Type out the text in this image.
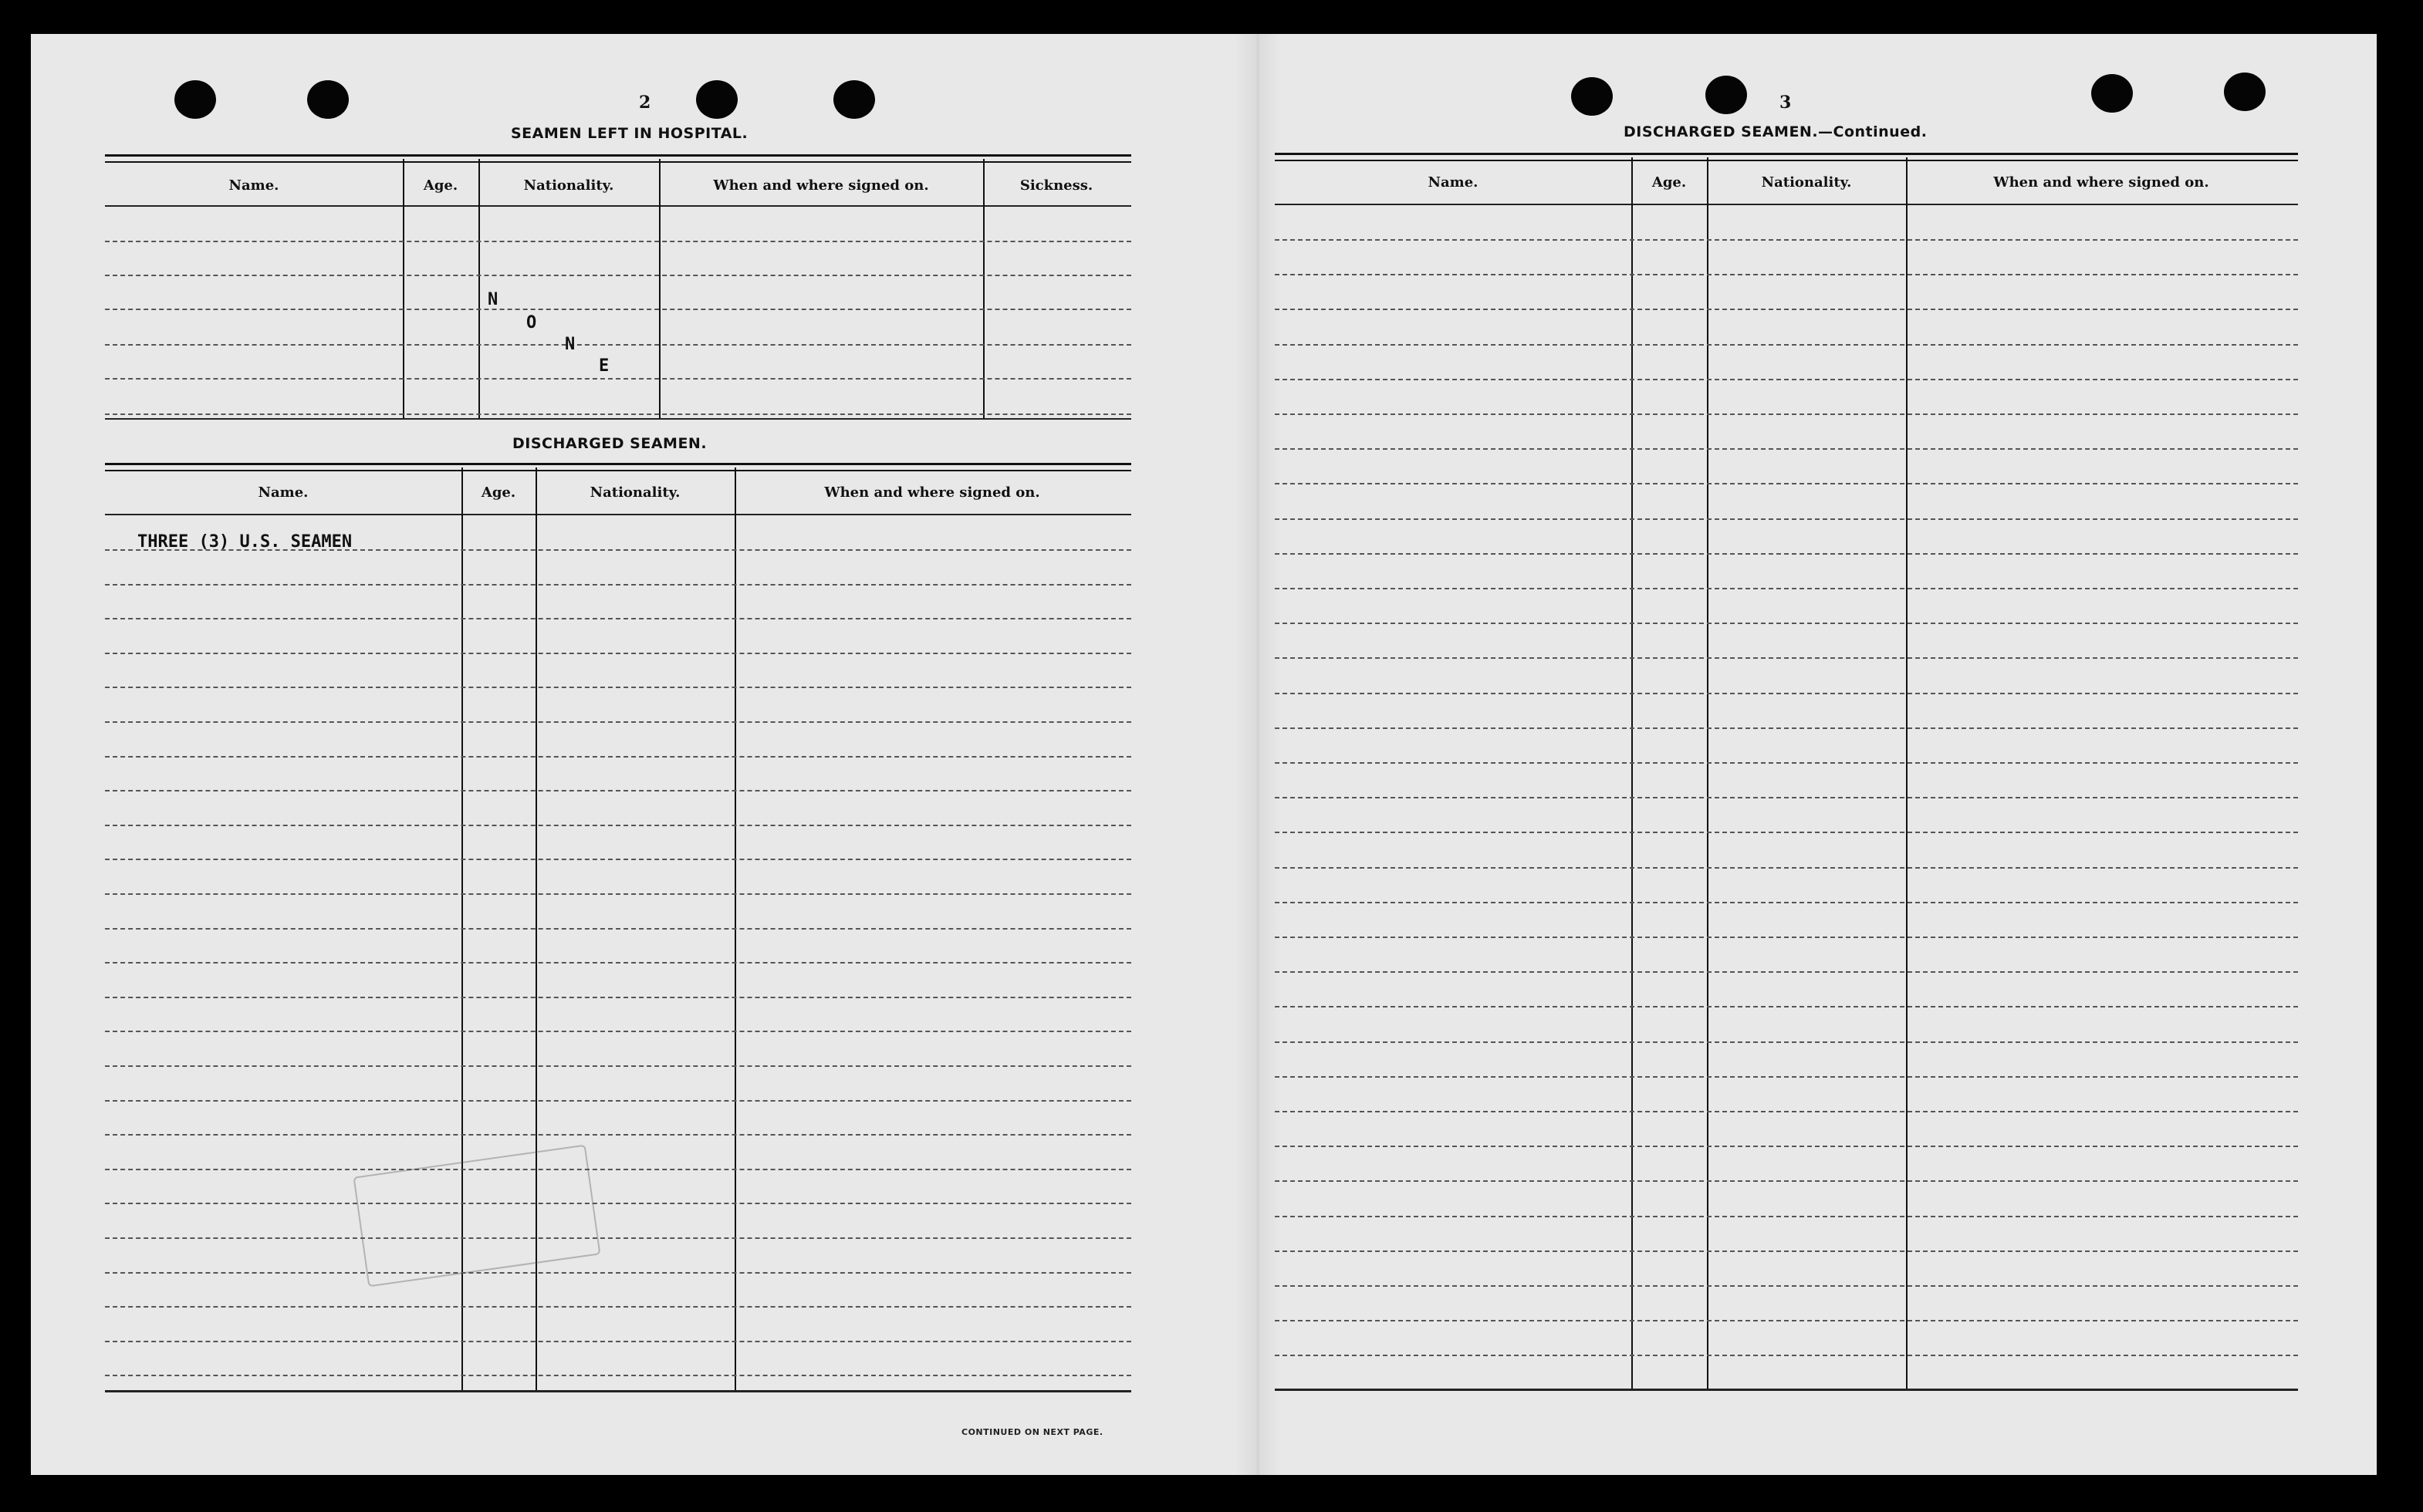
2
SEAMEN LEFT IN HOSPITAL.
Name.	Age.	Nationality.	When and where signed on.	Sickness.
N
O
N
E
DISCHARGED SEAMEN.
Name.	Age.	Nationality.	When and where signed on.
THREE (3) U.S. SEAMEN
CONTINUED ON NEXT PAGE.
3
DISCHARGED SEAMEN.—Continued.
Name.	Age.	Nationality.	When and where signed on.
